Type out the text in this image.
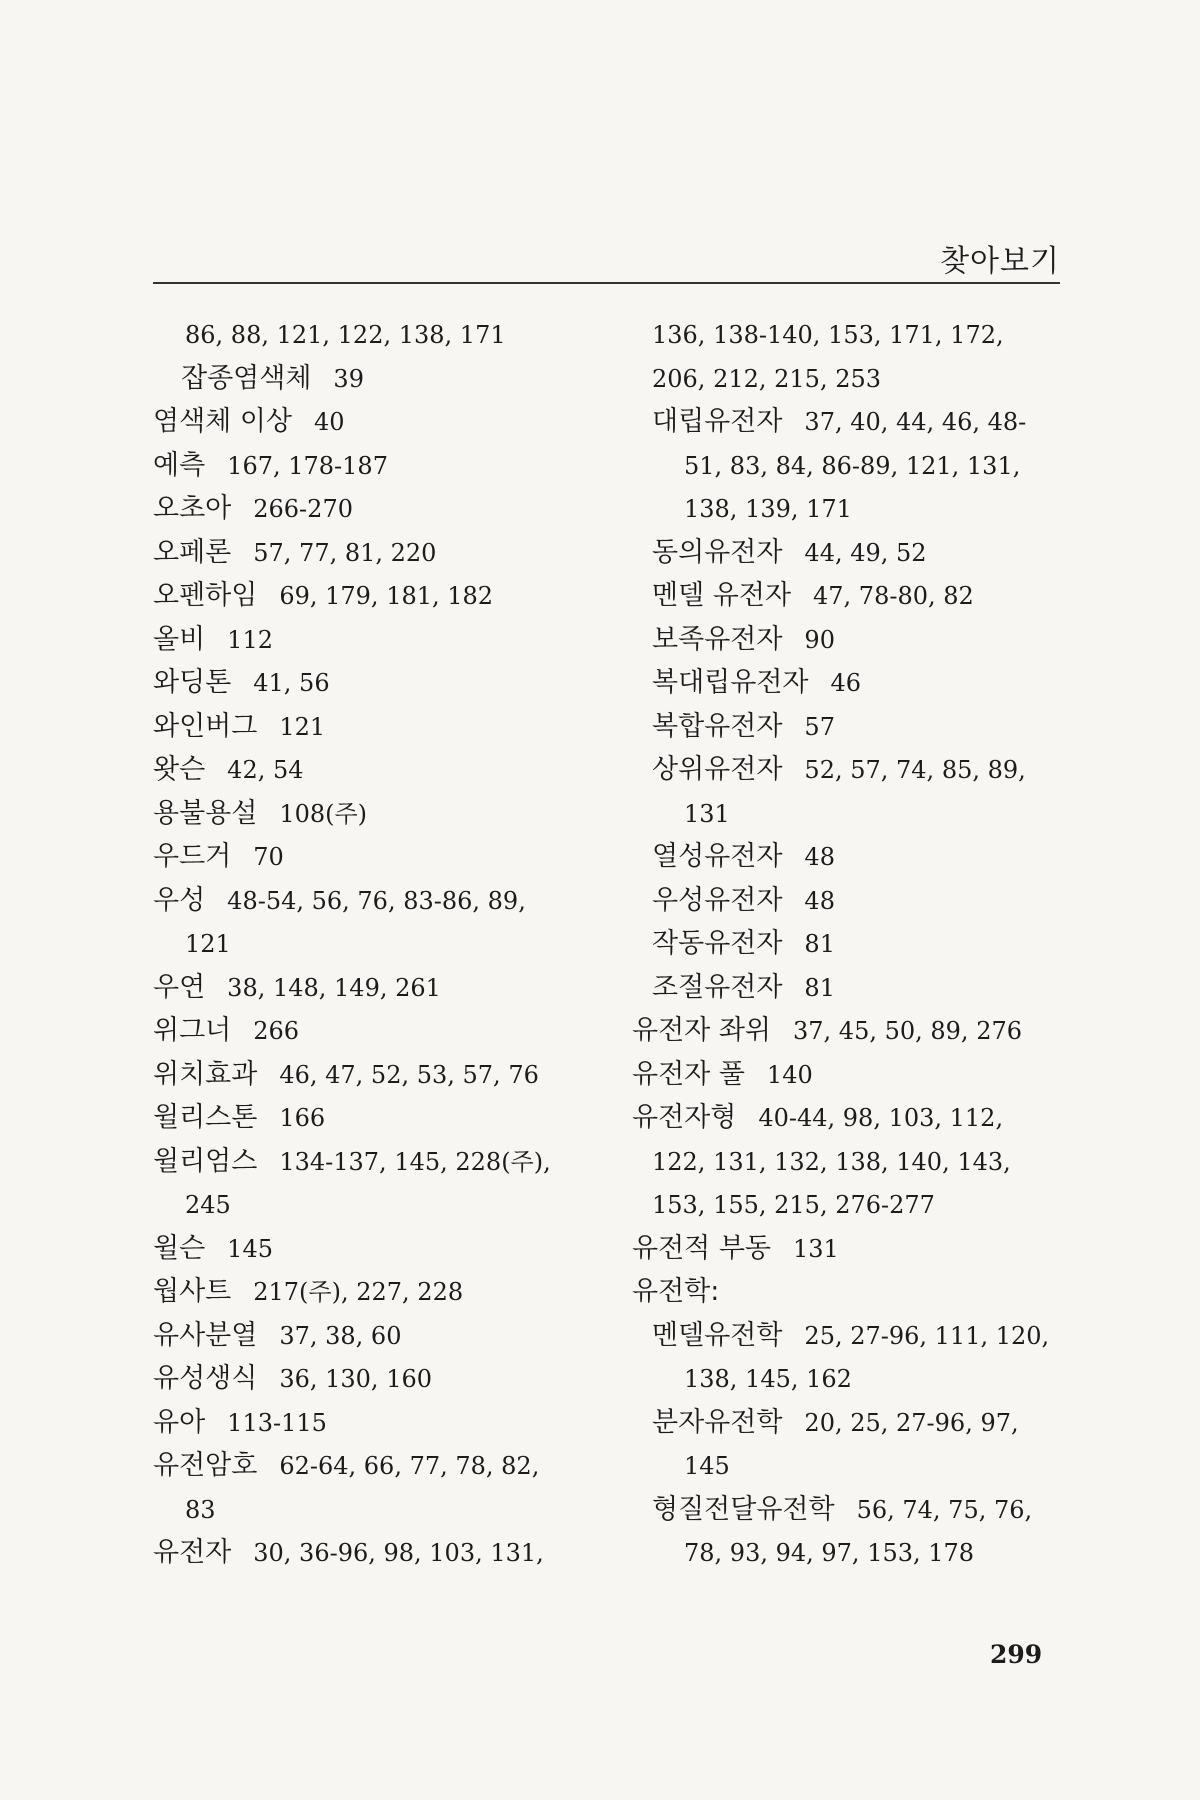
찾아보기
86, 88, 121, 122, 138, 171
잡종염색체 39
염색체 이상 40
예측 167, 178-187
오초아 266-270
오페론 57, 77, 81, 220
오펜하임 69, 179, 181, 182
올비 112
와딩톤 41, 56
와인버그 121
왓슨 42, 54
용불용설 108(주)
우드거 70
우성 48-54, 56, 76, 83-86, 89,
121
우연 38, 148, 149, 261
위그너 266
위치효과 46, 47, 52, 53, 57, 76
윌리스톤 166
윌리엄스 134-137, 145, 228(주),
245
윌슨 145
웝사트 217(주), 227, 228
유사분열 37, 38, 60
유성생식 36, 130, 160
유아 113-115
유전암호 62-64, 66, 77, 78, 82,
83
유전자 30, 36-96, 98, 103, 131,
136, 138-140, 153, 171, 172,
206, 212, 215, 253
대립유전자 37, 40, 44, 46, 48-
51, 83, 84, 86-89, 121, 131,
138, 139, 171
동의유전자 44, 49, 52
멘델 유전자 47, 78-80, 82
보족유전자 90
복대립유전자 46
복합유전자 57
상위유전자 52, 57, 74, 85, 89,
131
열성유전자 48
우성유전자 48
작동유전자 81
조절유전자 81
유전자 좌위 37, 45, 50, 89, 276
유전자 풀 140
유전자형 40-44, 98, 103, 112,
122, 131, 132, 138, 140, 143,
153, 155, 215, 276-277
유전적 부동 131
유전학:
멘델유전학 25, 27-96, 111, 120,
138, 145, 162
분자유전학 20, 25, 27-96, 97,
145
형질전달유전학 56, 74, 75, 76,
78, 93, 94, 97, 153, 178
299
